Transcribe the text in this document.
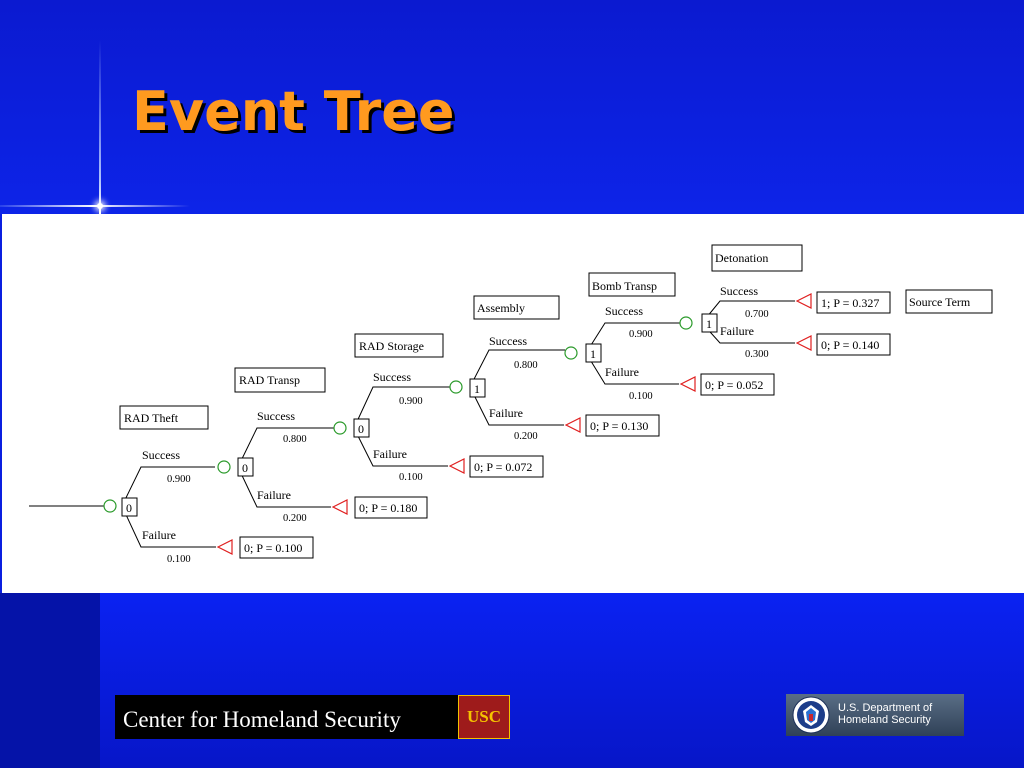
Event Tree
0
0
0
1
1
1
RAD Theft
RAD Transp
RAD Storage
Assembly
Bomb Transp
Detonation
Source Term
Success
Failure
Success
Failure
Success
Failure
Success
Failure
Success
Failure
Success
Failure
0.900
0.100
0.800
0.200
0.900
0.100
0.800
0.200
0.900
0.100
0.700
0.300
0; P = 0.100
0; P = 0.180
0; P = 0.072
0; P = 0.130
0; P = 0.052
1; P = 0.327
0; P = 0.140
Center for Homeland Security	USC	U.S. Department of
Homeland Security
